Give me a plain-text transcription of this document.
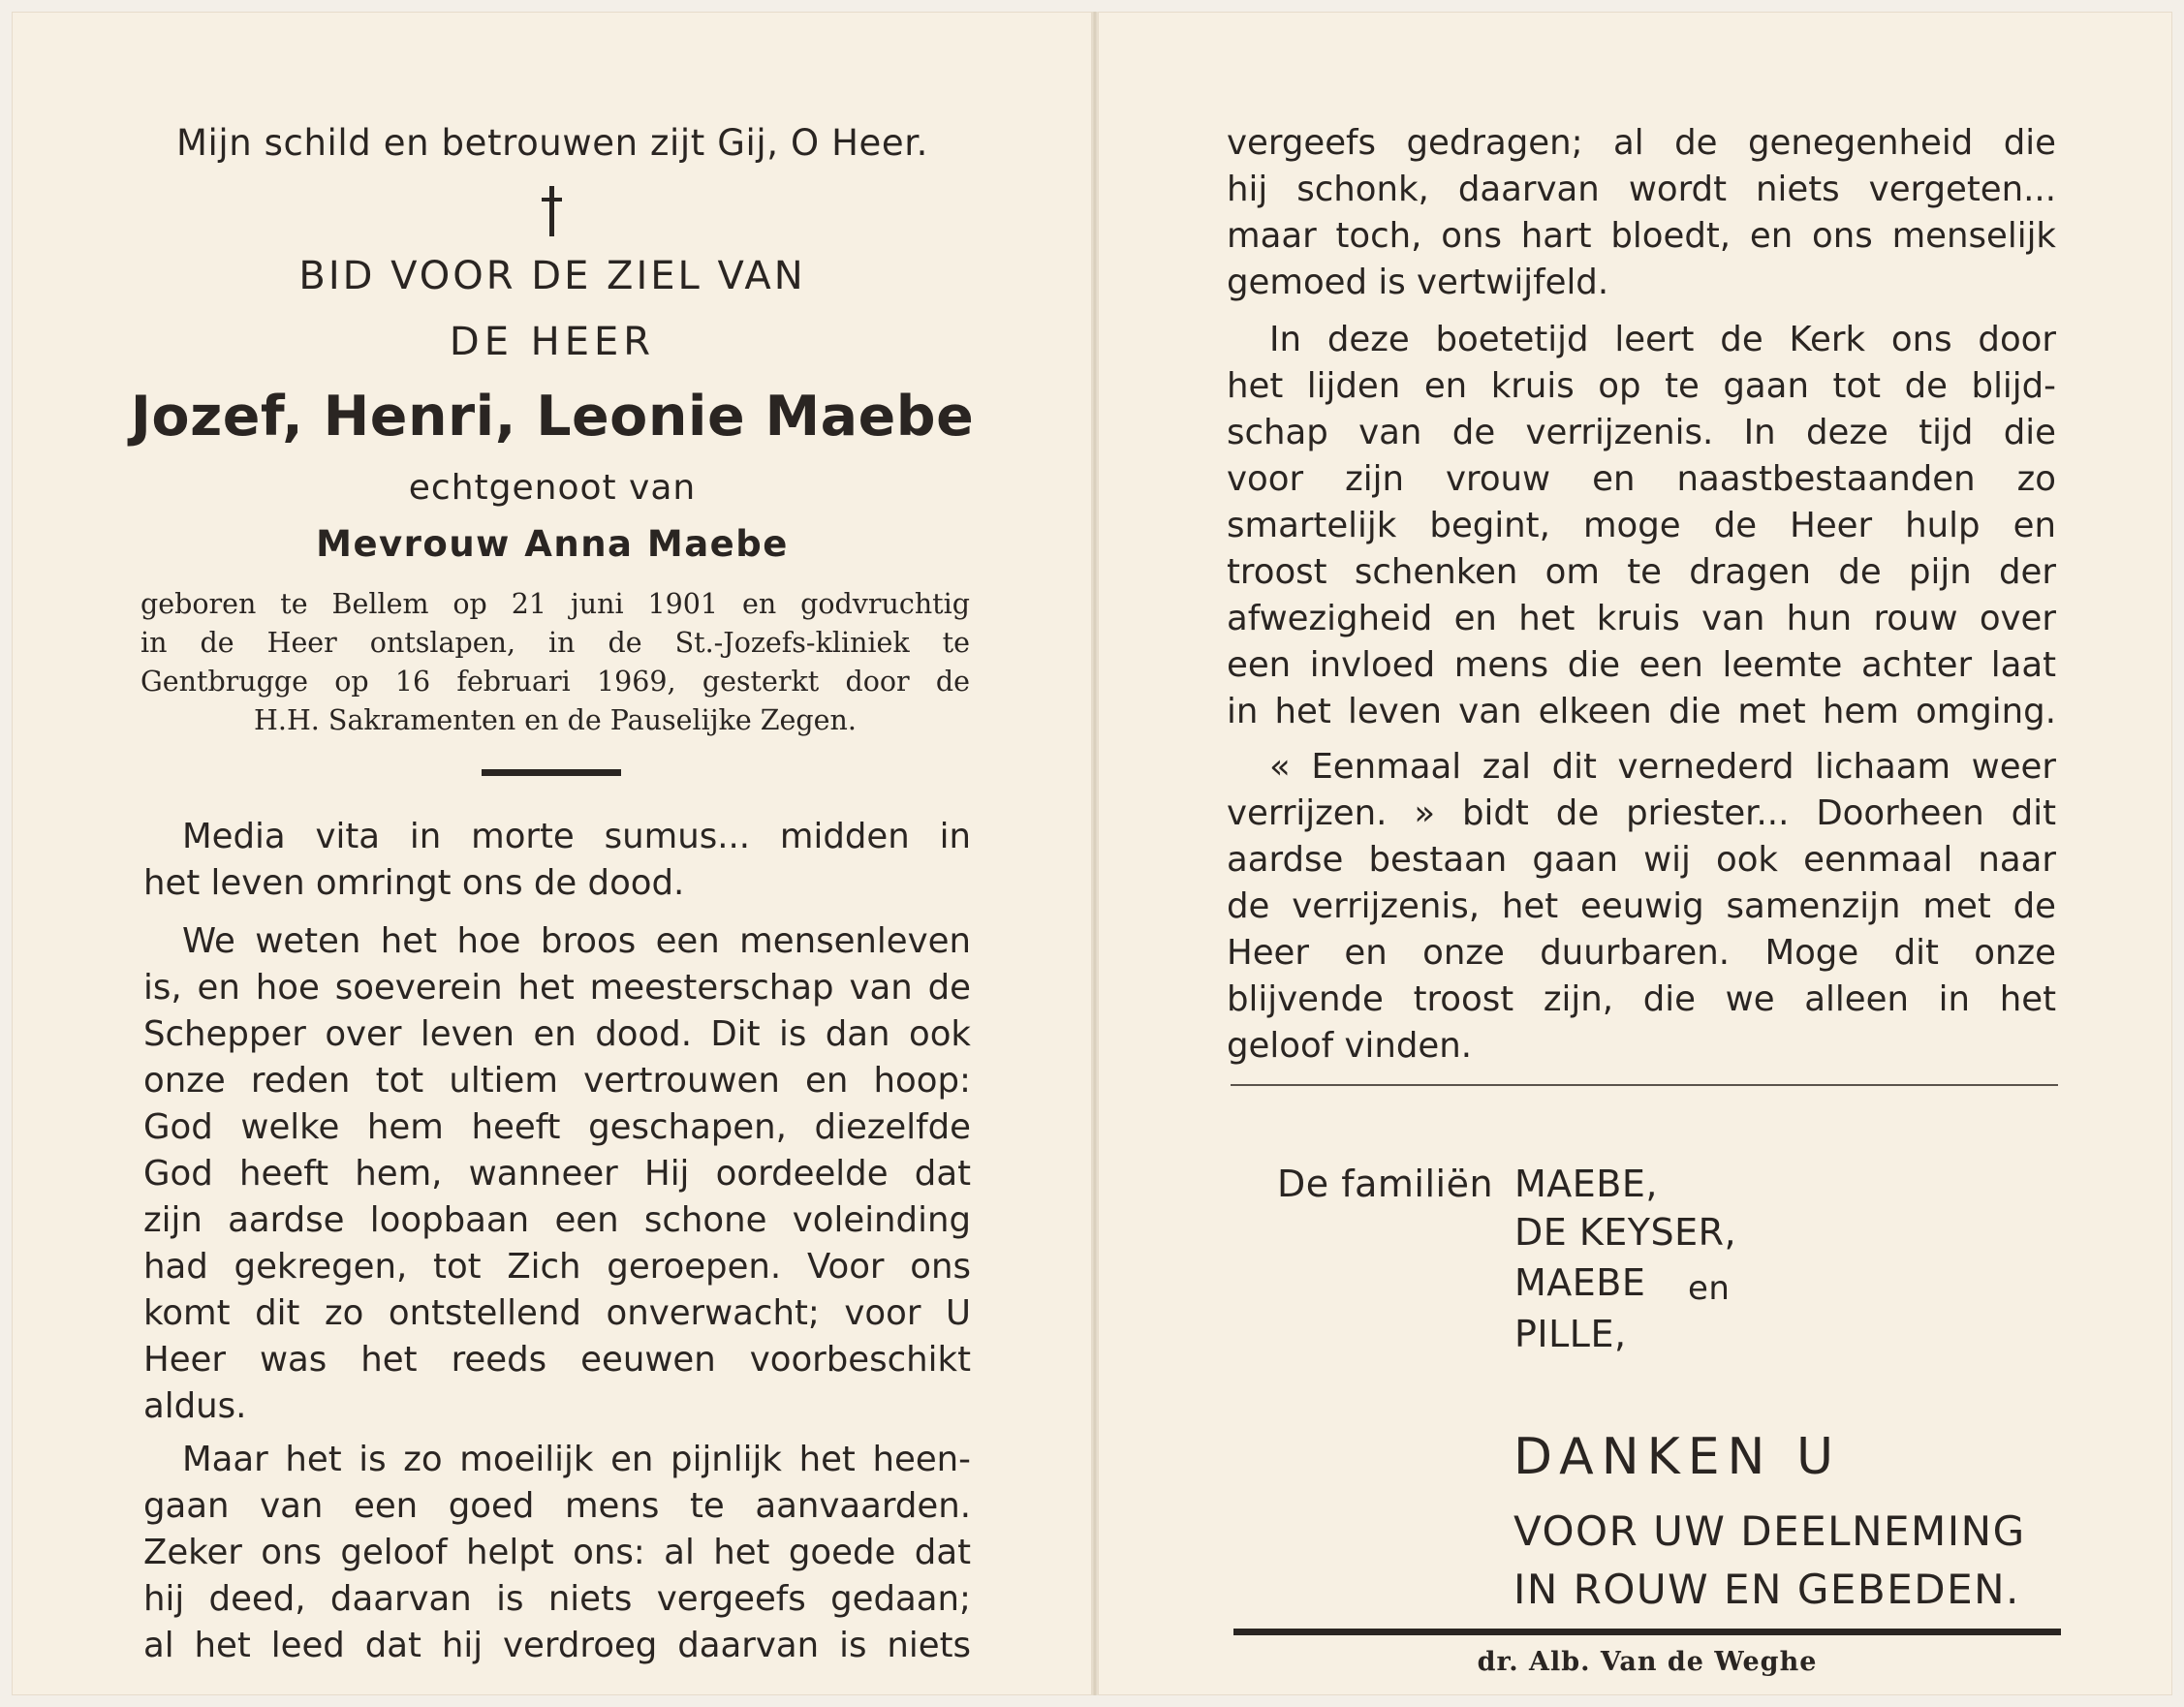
Mijn schild en betrouwen zijt Gij, O Heer.
BID VOOR DE ZIEL VAN
DE HEER
Jozef, Henri, Leonie Maebe
echtgenoot van
Mevrouw Anna Maebe
geboren te Bellem op 21 juni 1901 en godvruchtig
in de Heer ontslapen, in de St.-Jozefs-kliniek te
Gentbrugge op 16 februari 1969, gesterkt door de
H.H. Sakramenten en de Pauselijke Zegen.
Media vita in morte sumus... midden in
het leven omringt ons de dood.
We weten het hoe broos een mensenleven
is, en hoe soeverein het meesterschap van de
Schepper over leven en dood. Dit is dan ook
onze reden tot ultiem vertrouwen en hoop:
God welke hem heeft geschapen, diezelfde
God heeft hem, wanneer Hij oordeelde dat
zijn aardse loopbaan een schone voleinding
had gekregen, tot Zich geroepen. Voor ons
komt dit zo ontstellend onverwacht; voor U
Heer was het reeds eeuwen voorbeschikt
aldus.
Maar het is zo moeilijk en pijnlijk het heen-
gaan van een goed mens te aanvaarden.
Zeker ons geloof helpt ons: al het goede dat
hij deed, daarvan is niets vergeefs gedaan;
al het leed dat hij verdroeg daarvan is niets
vergeefs gedragen; al de genegenheid die
hij schonk, daarvan wordt niets vergeten...
maar toch, ons hart bloedt, en ons menselijk
gemoed is vertwijfeld.
In deze boetetijd leert de Kerk ons door
het lijden en kruis op te gaan tot de blijd-
schap van de verrijzenis. In deze tijd die
voor zijn vrouw en naastbestaanden zo
smartelijk begint, moge de Heer hulp en
troost schenken om te dragen de pijn der
afwezigheid en het kruis van hun rouw over
een invloed mens die een leemte achter laat
in het leven van elkeen die met hem omging.
« Eenmaal zal dit vernederd lichaam weer
verrijzen. » bidt de priester... Doorheen dit
aardse bestaan gaan wij ook eenmaal naar
de verrijzenis, het eeuwig samenzijn met de
Heer en onze duurbaren. Moge dit onze
blijvende troost zijn, die we alleen in het
geloof vinden.
De familiën MAEBE,
DE KEYSER,
MAEBE en
PILLE,
DANKEN U
VOOR UW DEELNEMING
IN ROUW EN GEBEDEN.
dr. Alb. Van de Weghe
